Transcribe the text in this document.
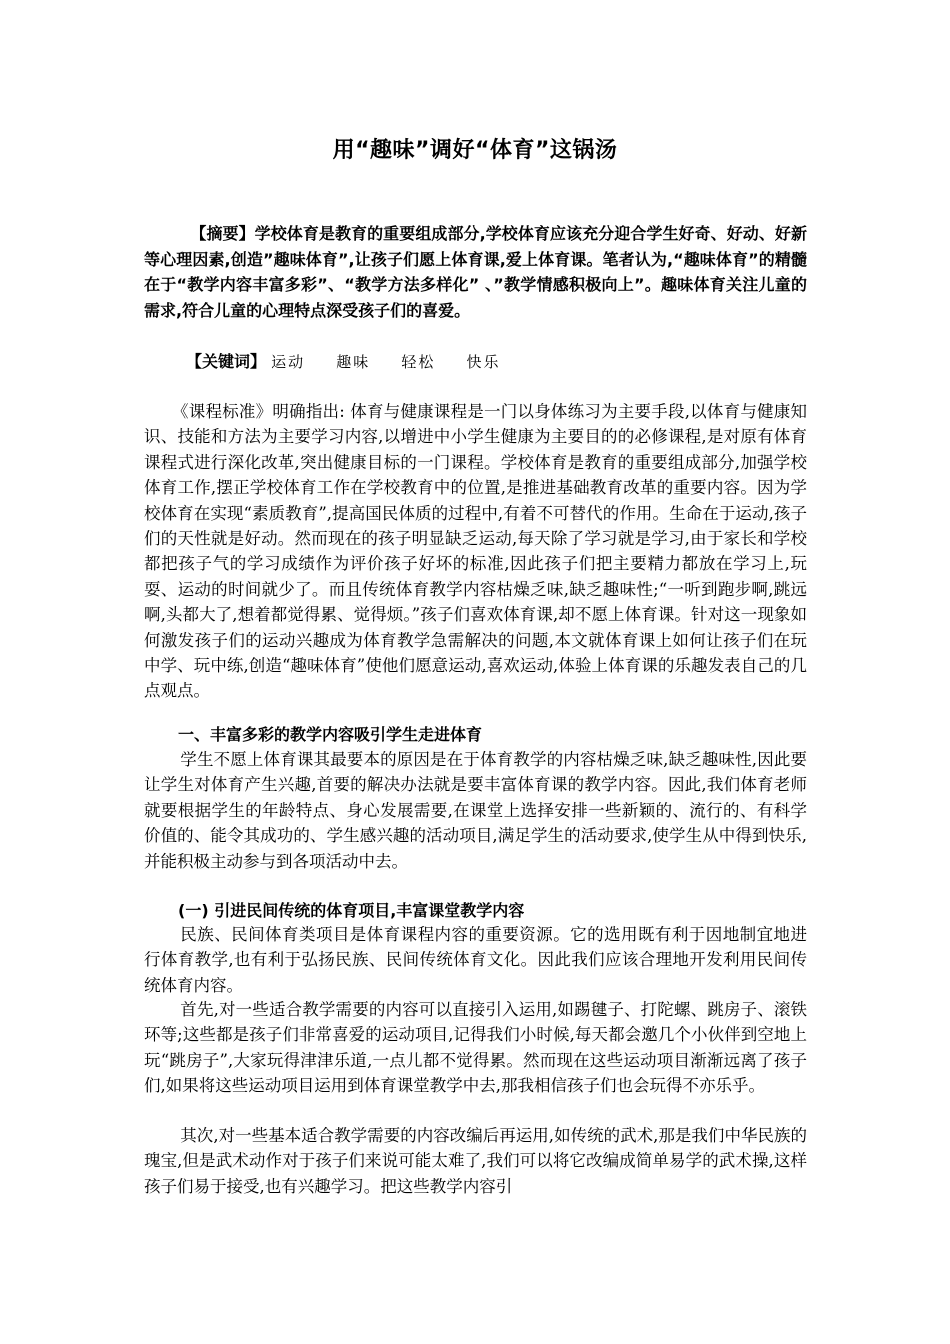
用“趣味”调好“体育”这锅汤
【摘要】学校体育是教育的重要组成部分,学校体育应该充分迎合学生好奇、好动、好新等心理因素,创造”趣味体育”,让孩子们愿上体育课,爱上体育课。笔者认为,“趣味体育”的精髓在于“教学内容丰富多彩”、“教学方法多样化” 、”教学情感积极向上”。趣味体育关注儿童的需求,符合儿童的心理特点深受孩子们的喜爱。
【关键词】 运动 趣味 轻松 快乐
《课程标准》明确指出: 体育与健康课程是一门以身体练习为主要手段,以体育与健康知识、技能和方法为主要学习内容,以增进中小学生健康为主要目的的必修课程,是对原有体育课程式进行深化改革,突出健康目标的一门课程。学校体育是教育的重要组成部分,加强学校体育工作,摆正学校体育工作在学校教育中的位置,是推进基础教育改革的重要内容。因为学校体育在实现“素质教育”,提高国民体质的过程中,有着不可替代的作用。生命在于运动,孩子们的天性就是好动。然而现在的孩子明显缺乏运动,每天除了学习就是学习,由于家长和学校都把孩子气的学习成绩作为评价孩子好坏的标准,因此孩子们把主要精力都放在学习上,玩耍、运动的时间就少了。而且传统体育教学内容枯燥乏味,缺乏趣味性;“一听到跑步啊,跳远啊,头都大了,想着都觉得累、觉得烦。”孩子们喜欢体育课,却不愿上体育课。针对这一现象如何激发孩子们的运动兴趣成为体育教学急需解决的问题,本文就体育课上如何让孩子们在玩中学、玩中练,创造“趣味体育”使他们愿意运动,喜欢运动,体验上体育课的乐趣发表自己的几点观点。
一、丰富多彩的教学内容吸引学生走进体育
学生不愿上体育课其最要本的原因是在于体育教学的内容枯燥乏味,缺乏趣味性,因此要让学生对体育产生兴趣,首要的解决办法就是要丰富体育课的教学内容。因此,我们体育老师就要根据学生的年龄特点、身心发展需要,在课堂上选择安排一些新颖的、流行的、有科学价值的、能令其成功的、学生感兴趣的活动项目,满足学生的活动要求,使学生从中得到快乐,并能积极主动参与到各项活动中去。
(一) 引进民间传统的体育项目,丰富课堂教学内容
民族、民间体育类项目是体育课程内容的重要资源。它的选用既有利于因地制宜地进行体育教学,也有利于弘扬民族、民间传统体育文化。因此我们应该合理地开发利用民间传统体育内容。
首先,对一些适合教学需要的内容可以直接引入运用,如踢毽子、打陀螺、跳房子、滚铁环等;这些都是孩子们非常喜爱的运动项目,记得我们小时候,每天都会邀几个小伙伴到空地上玩“跳房子”,大家玩得津津乐道,一点儿都不觉得累。然而现在这些运动项目渐渐远离了孩子们,如果将这些运动项目运用到体育课堂教学中去,那我相信孩子们也会玩得不亦乐乎。
其次,对一些基本适合教学需要的内容改编后再运用,如传统的武术,那是我们中华民族的瑰宝,但是武术动作对于孩子们来说可能太难了,我们可以将它改编成简单易学的武术操,这样孩子们易于接受,也有兴趣学习。把这些教学内容引
